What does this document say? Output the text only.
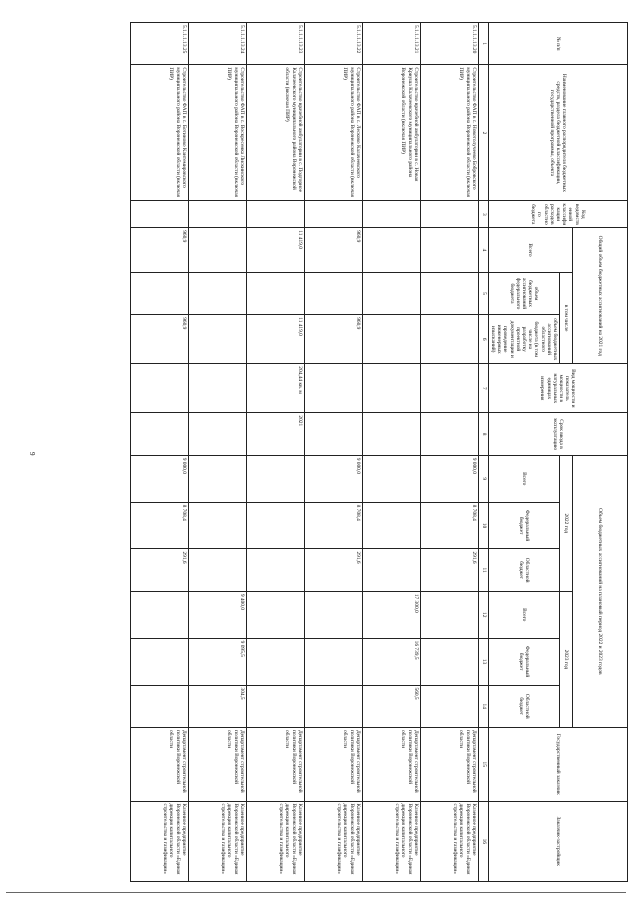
9
№ п/п	Наименование главного распорядителя бюджетных средств, раздела бюджетной классификации, государственной программы, объекта	Код ведомственной классификации расходов областного бюджета	Общий объем бюджетных ассигнований на 2021 год			Вид мощности и показатель мощности в натуральных единицах измерения	Срок ввода в эксплуатацию	Объем бюджетных ассигнований на плановый период 2022 и 2023 годов						Государственный заказчик	Заказчик-застройщик
			Всего	в том числе				2022 год			2023 год				
				объем бюджетных ассигнований федерального бюджета	объем бюджетных ассигнований областного бюджета (в том числе на разработку проектной документации и проведение инженерных изысканий)			Всего	Федеральный бюджет	Областной бюджет	Всего	Федеральный бюджет	Областной бюджет		
1	2	3	4	5	6	7	8	9	10	11	12	13	14	15	16
5.1.1.1.13.20	Строительство ФАП в с. Новотолучеево Бобровского муниципального района Воронежской области (включая ПИР)							9 000,0	8 708,4	291,6				Департамент строительной политики Воронежской области	Казенное предприятие Воронежской области «Единая дирекция капитального строительства и газификации»
5.1.1.1.13.21	Строительство врачебной амбулатории в с. Новая Криуша Калачеевского муниципального района Воронежской области (включая ПИР)										17 300,0	16 739,5	560,5	Департамент строительной политики Воронежской области	Казенное предприятие Воронежской области «Единая дирекция капитального строительства и газификации»
5.1.1.1.13.22	Строительство ФАП в с. Лесково Калачеевского муниципального района Воронежской области (включая ПИР)		960,9		960,9			9 000,0	8 708,4	291,6				Департамент строительной политики Воронежской области	Казенное предприятие Воронежской области «Единая дирекция капитального строительства и газификации»
5.1.1.1.13.23	Строительство врачебной амбулатории в с. Подгорное Калачеевского муниципального района Воронежской области (включая ПИР)		11 419,0		11 419,0	204,44 кв. м	2021							Департамент строительной политики Воронежской области	Казенное предприятие Воронежской области «Единая дирекция капитального строительства и газификации»
5.1.1.1.13.24	Строительство ФАП в с. Воскресенка Лискинского муниципального района Воронежской области (включая ПИР)										9 400,0	9 095,5	304,5	Департамент строительной политики Воронежской области	Казенное предприятие Воронежской области «Единая дирекция капитального строительства и газификации»
5.1.1.1.13.25	Строительство ФАП в с. Ботиново Кантемировского муниципального района Воронежской области (включая ПИР)		960,9		960,9			9 000,0	8 708,4	291,6				Департамент строительной политики Воронежской области	Казенное предприятие Воронежской области «Единая дирекция капитального строительства и газификации»
